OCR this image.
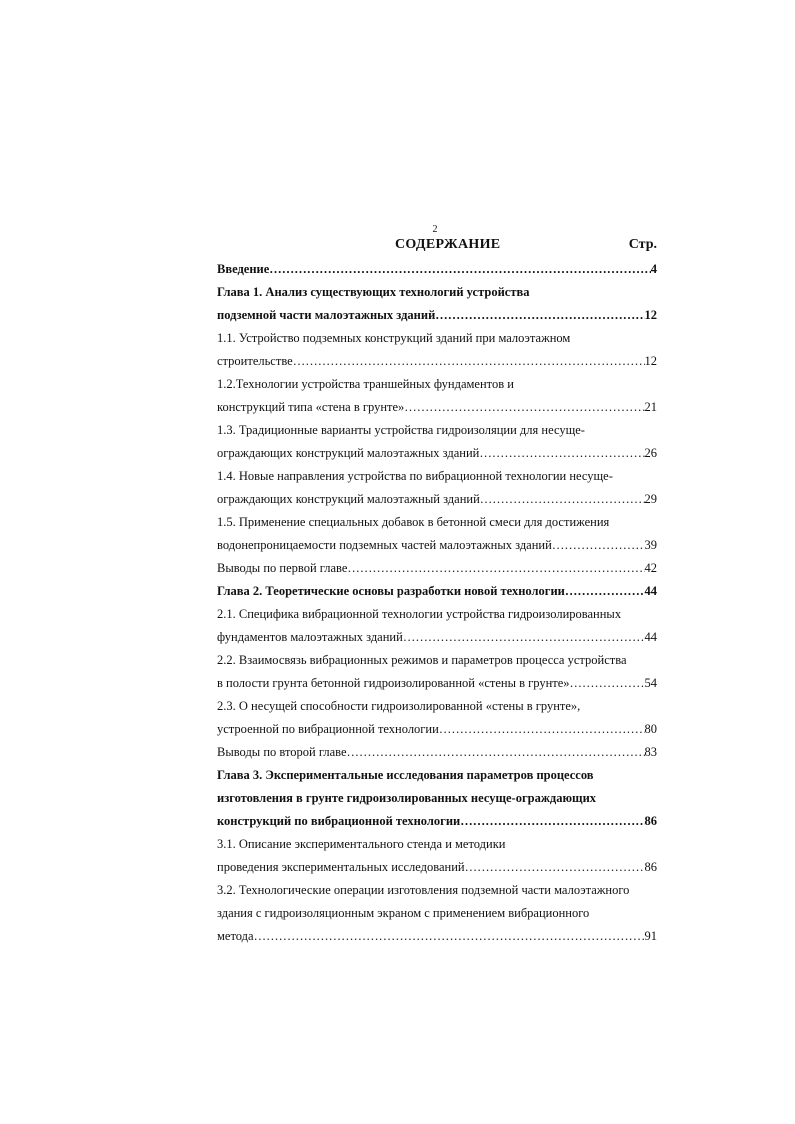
2
СОДЕРЖАНИЕ	Стр.
Введение …………………………………………………………………………………………………………………………………………………………………………………………………	4
Глава 1. Анализ существующих технологий устройства
подземной части малоэтажных зданий …………………………………………………………………………………………………………………………………………………………………………………………………	12
1.1. Устройство подземных конструкций зданий при малоэтажном
строительстве …………………………………………………………………………………………………………………………………………………………………………………………………	12
1.2.Технологии устройства траншейных фундаментов и
конструкций типа «стена в грунте» …………………………………………………………………………………………………………………………………………………………………………………………………	21
1.3. Традиционные варианты устройства гидроизоляции для несуще-
ограждающих конструкций малоэтажных зданий …………………………………………………………………………………………………………………………………………………………………………………………………	26
1.4. Новые направления устройства по вибрационной технологии несуще-
ограждающих конструкций малоэтажный зданий …………………………………………………………………………………………………………………………………………………………………………………………………	29
1.5. Применение специальных добавок в бетонной смеси для достижения
водонепроницаемости подземных частей малоэтажных зданий …………………………………………………………………………………………………………………………………………………………………………………………………	39
Выводы по первой главе …………………………………………………………………………………………………………………………………………………………………………………………………	42
Глава 2. Теоретические основы разработки новой технологии …………………………………………………………………………………………………………………………………………………………………………………………………	44
2.1. Специфика вибрационной технологии устройства гидроизолированных
фундаментов малоэтажных зданий …………………………………………………………………………………………………………………………………………………………………………………………………	44
2.2. Взаимосвязь вибрационных режимов и параметров процесса устройства
в полости грунта бетонной гидроизолированной «стены в грунте» …………………………………………………………………………………………………………………………………………………………………………………………………	54
2.3. О несущей способности гидроизолированной «стены в грунте»,
устроенной по вибрационной технологии …………………………………………………………………………………………………………………………………………………………………………………………………	80
Выводы по второй главе …………………………………………………………………………………………………………………………………………………………………………………………………	83
Глава 3. Экспериментальные исследования параметров процессов
изготовления в грунте гидроизолированных несуще-ограждающих
конструкций по вибрационной технологии …………………………………………………………………………………………………………………………………………………………………………………………………	86
3.1. Описание экспериментального стенда и методики
проведения экспериментальных исследований …………………………………………………………………………………………………………………………………………………………………………………………………	86
3.2. Технологические операции изготовления подземной части малоэтажного
здания с гидроизоляционным экраном с применением вибрационного
метода …………………………………………………………………………………………………………………………………………………………………………………………………	91
